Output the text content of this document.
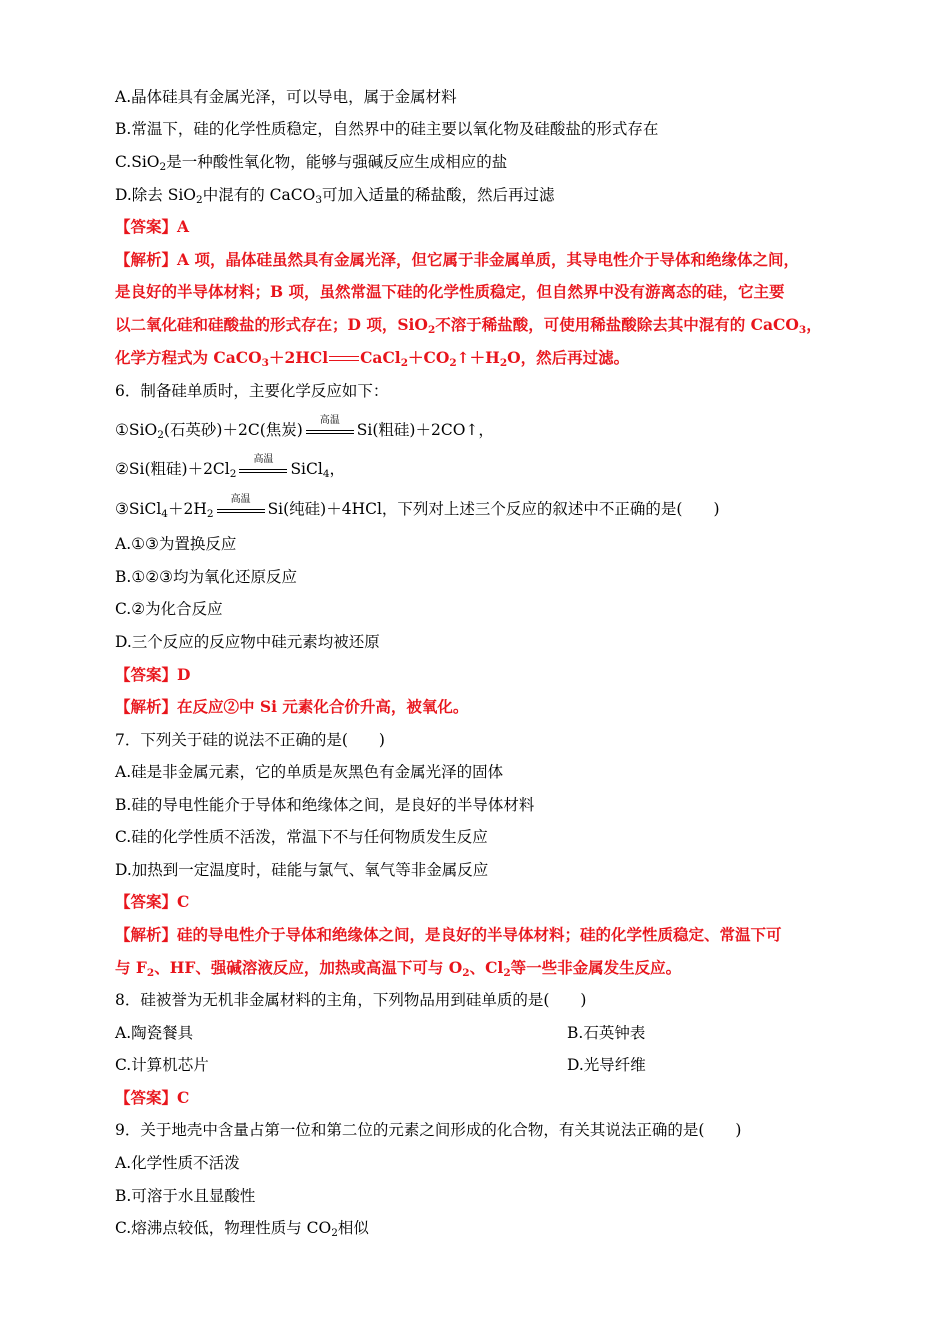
A.晶体硅具有金属光泽，可以导电，属于金属材料
B.常温下，硅的化学性质稳定，自然界中的硅主要以氧化物及硅酸盐的形式存在
C.SiO$_2$是一种酸性氧化物，能够与强碱反应生成相应的盐
D.除去 SiO$_2$中混有的 CaCO$_3$可加入适量的稀盐酸，然后再过滤
【答案】A
【解析】A 项，晶体硅虽然具有金属光泽，但它属于非金属单质，其导电性介于导体和绝缘体之间，
是良好的半导体材料；B 项，虽然常温下硅的化学性质稳定，但自然界中没有游离态的硅，它主要
以二氧化硅和硅酸盐的形式存在；D 项，SiO$_2$不溶于稀盐酸，可使用稀盐酸除去其中混有的 CaCO$_3$，
化学方程式为 CaCO$_3$＋2HCl $CaCl_2+CO_2↑+H_2O$，然后再过滤。
6．制备硅单质时，主要化学反应如下：
①SiO$_2$(石英砂)＋2C(焦炭)
高温
Si(粗硅)＋2CO↑，
②Si(粗硅)$+2Cl_2$
高温
SiCl$_4$，
$③SiCl_4+2H_2$
高温
Si(纯硅)＋4HCl，下列对上述三个反应的叙述中不正确的是(　　)
A.①③为置换反应
B.①②③均为氧化还原反应
C.②为化合反应
D.三个反应的反应物中硅元素均被还原
【答案】D
【解析】在反应②中 Si 元素化合价升高，被氧化。
7．下列关于硅的说法不正确的是(　　)
A.硅是非金属元素，它的单质是灰黑色有金属光泽的固体
B.硅的导电性能介于导体和绝缘体之间，是良好的半导体材料
C.硅的化学性质不活泼，常温下不与任何物质发生反应
D.加热到一定温度时，硅能与氯气、氧气等非金属反应
【答案】C
【解析】硅的导电性介于导体和绝缘体之间，是良好的半导体材料；硅的化学性质稳定、常温下可
与 $F_2$、HF、强碱溶液反应，加热或高温下可与 $O_2$、$Cl_2$等一些非金属发生反应。
8．硅被誉为无机非金属材料的主角，下列物品用到硅单质的是(　　)
A.陶瓷餐具	B.石英钟表
C.计算机芯片	D.光导纤维
【答案】C
9．关于地壳中含量占第一位和第二位的元素之间形成的化合物，有关其说法正确的是(　　)
A.化学性质不活泼
B.可溶于水且显酸性
C.熔沸点较低，物理性质与 $CO_2$相似
